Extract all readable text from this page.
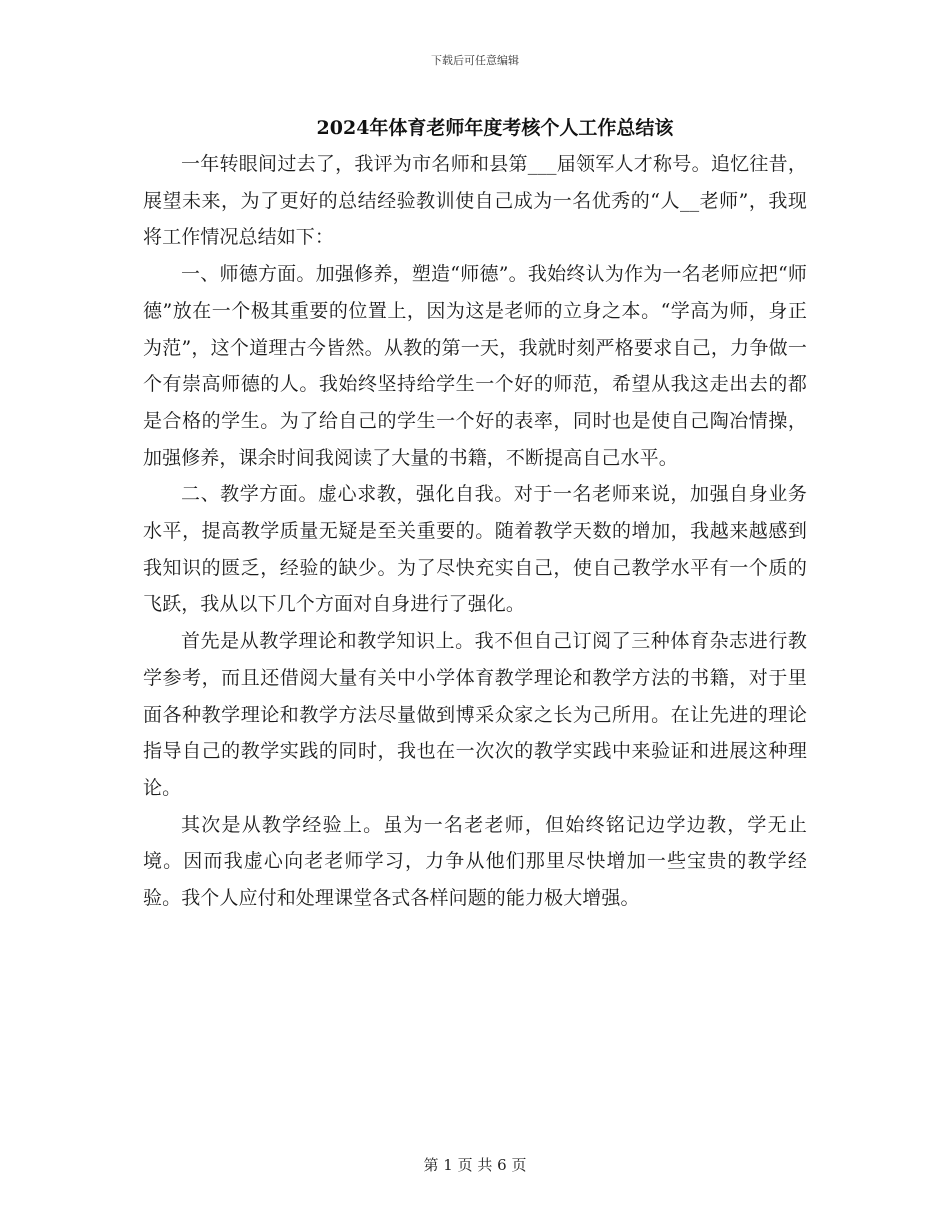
下载后可任意编辑
2024年体育老师年度考核个人工作总结该

一年转眼间过去了，我评为市名师和县第___届领军人才称号。追忆往昔，展望未来，为了更好的总结经验教训使自己成为一名优秀的“人__老师”，我现将工作情况总结如下：

一、师德方面。加强修养，塑造“师德”。我始终认为作为一名老师应把“师德”放在一个极其重要的位置上，因为这是老师的立身之本。“学高为师，身正为范”，这个道理古今皆然。从教的第一天，我就时刻严格要求自己，力争做一个有崇高师德的人。我始终坚持给学生一个好的师范，希望从我这走出去的都是合格的学生。为了给自己的学生一个好的表率，同时也是使自己陶冶情操，加强修养，课余时间我阅读了大量的书籍，不断提高自己水平。

二、教学方面。虚心求教，强化自我。对于一名老师来说，加强自身业务水平，提高教学质量无疑是至关重要的。随着教学天数的增加，我越来越感到我知识的匮乏，经验的缺少。为了尽快充实自己，使自己教学水平有一个质的飞跃，我从以下几个方面对自身进行了强化。

首先是从教学理论和教学知识上。我不但自己订阅了三种体育杂志进行教学参考，而且还借阅大量有关中小学体育教学理论和教学方法的书籍，对于里面各种教学理论和教学方法尽量做到博采众家之长为己所用。在让先进的理论指导自己的教学实践的同时，我也在一次次的教学实践中来验证和进展这种理论。

其次是从教学经验上。虽为一名老老师，但始终铭记边学边教，学无止境。因而我虚心向老老师学习，力争从他们那里尽快增加一些宝贵的教学经验。我个人应付和处理课堂各式各样问题的能力极大增强。

第 1 页 共 6 页
